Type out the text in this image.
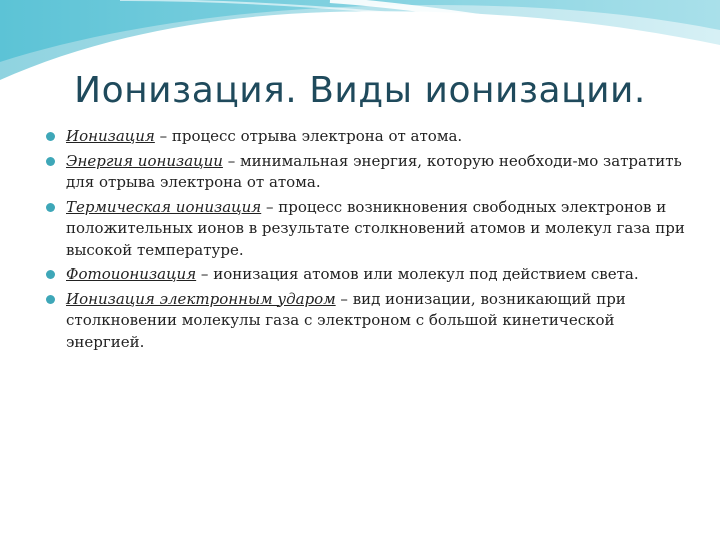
Ионизация. Виды ионизации.
Ионизация – процесс отрыва электрона от атома.
Энергия ионизации – минимальная энергия, которую необходи-мо затратить для отрыва электрона от атома.
Термическая ионизация – процесс возникновения свободных электронов и положительных ионов в результате столкновений атомов и молекул газа при высокой температуре.
Фотоионизация – ионизация атомов или молекул под действием света.
Ионизация электронным ударом – вид ионизации, возникающий при столкновении молекулы газа с электроном с большой кинетической энергией.
